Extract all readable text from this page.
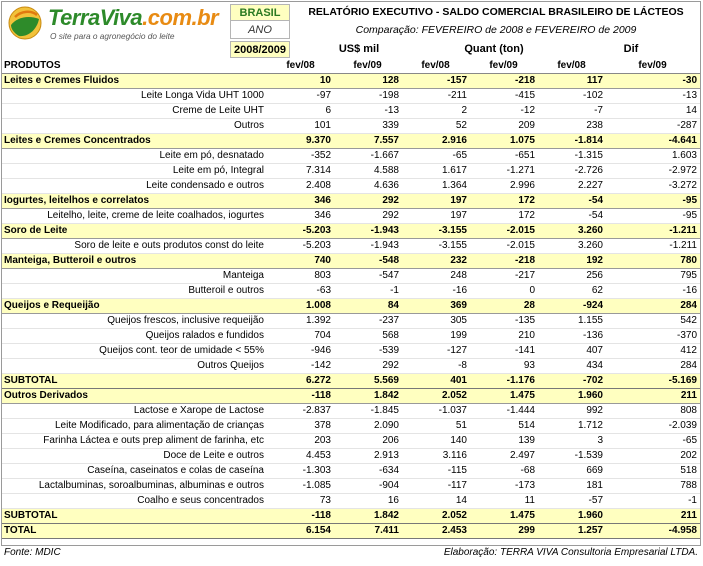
TerraViva.com.br
O site para o agronegócio do leite
BRASIL
ANO
2008/2009
RELATÓRIO EXECUTIVO - SALDO COMERCIAL BRASILEIRO DE LÁCTEOS
Comparação: FEVEREIRO de 2008 e FEVEREIRO de 2009
US$ mil	Quant (ton)	Dif
PRODUTOS	fev/08	fev/09	fev/08	fev/09	fev/08	fev/09
Leites e Cremes Fluidos	10	128	-157	-218	117	-30
Leite Longa Vida UHT 1000	-97	-198	-211	-415	-102	-13
Creme de Leite UHT	6	-13	2	-12	-7	14
Outros	101	339	52	209	238	-287
Leites e Cremes Concentrados	9.370	7.557	2.916	1.075	-1.814	-4.641
Leite em pó, desnatado	-352	-1.667	-65	-651	-1.315	1.603
Leite em pó, Integral	7.314	4.588	1.617	-1.271	-2.726	-2.972
Leite condensado e outros	2.408	4.636	1.364	2.996	2.227	-3.272
Iogurtes, leitelhos e correlatos	346	292	197	172	-54	-95
Leitelho, leite, creme de leite coalhados, iogurtes	346	292	197	172	-54	-95
Soro de Leite	-5.203	-1.943	-3.155	-2.015	3.260	-1.211
Soro de leite e outs produtos const do leite	-5.203	-1.943	-3.155	-2.015	3.260	-1.211
Manteiga, Butteroil e outros	740	-548	232	-218	192	780
Manteiga	803	-547	248	-217	256	795
Butteroil e outros	-63	-1	-16	0	62	-16
Queijos e Requeijão	1.008	84	369	28	-924	284
Queijos frescos, inclusive requeijão	1.392	-237	305	-135	1.155	542
Queijos ralados e fundidos	704	568	199	210	-136	-370
Queijos cont. teor de umidade < 55%	-946	-539	-127	-141	407	412
Outros Queijos	-142	292	-8	93	434	284
SUBTOTAL	6.272	5.569	401	-1.176	-702	-5.169
Outros Derivados	-118	1.842	2.052	1.475	1.960	211
Lactose e Xarope de Lactose	-2.837	-1.845	-1.037	-1.444	992	808
Leite Modificado, para alimentação de crianças	378	2.090	51	514	1.712	-2.039
Farinha Láctea e outs prep aliment de farinha, etc	203	206	140	139	3	-65
Doce de Leite e outros	4.453	2.913	3.116	2.497	-1.539	202
Caseína, caseinatos e colas de caseína	-1.303	-634	-115	-68	669	518
Lactalbuminas, soroalbuminas, albuminas e outros	-1.085	-904	-117	-173	181	788
Coalho e seus concentrados	73	16	14	11	-57	-1
SUBTOTAL	-118	1.842	2.052	1.475	1.960	211
TOTAL	6.154	7.411	2.453	299	1.257	-4.958
Fonte: MDIC	Elaboração: TERRA VIVA Consultoria Empresarial LTDA.
